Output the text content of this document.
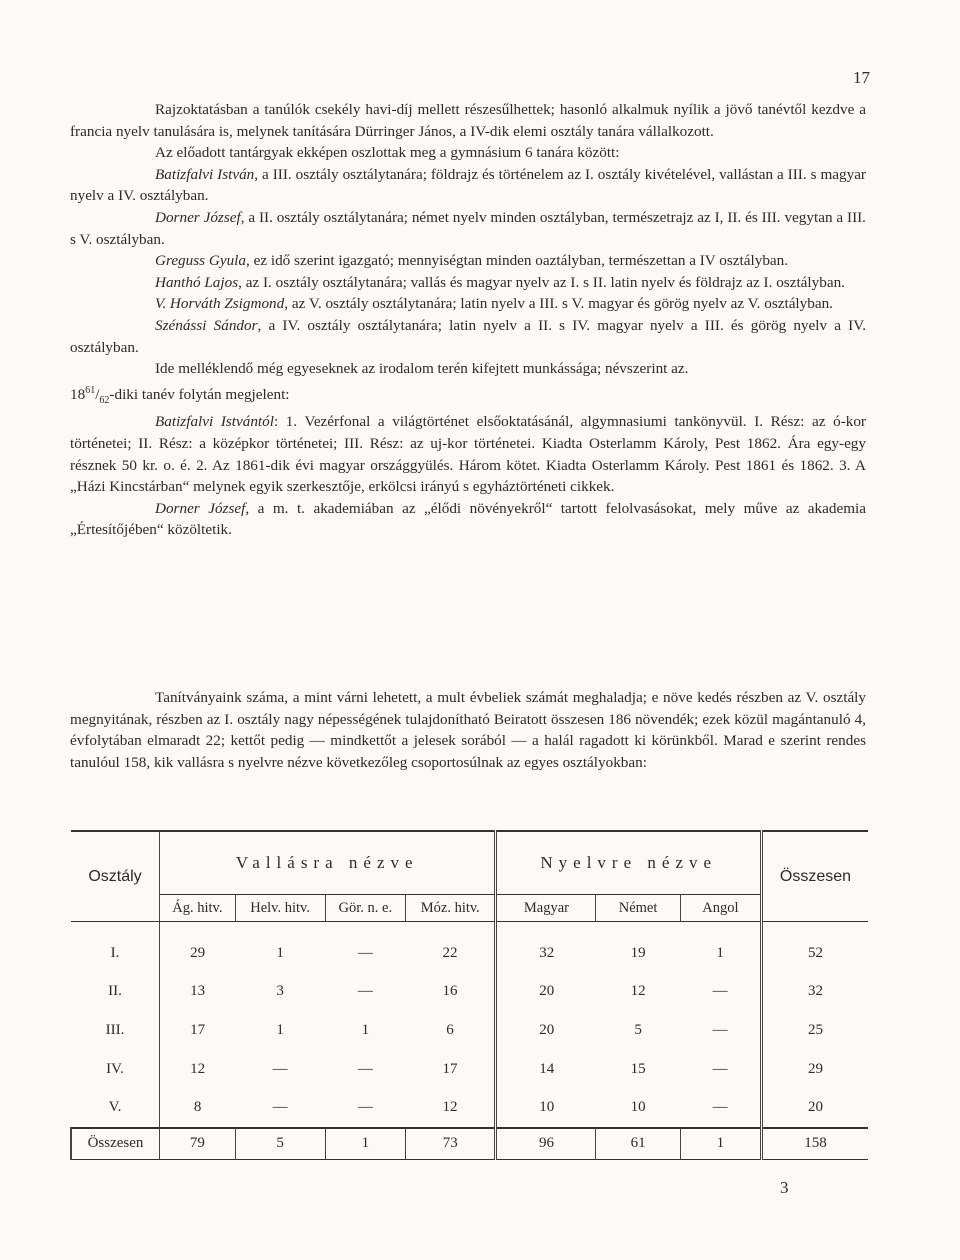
17

Rajzoktatásban a tanúlók csekély havi-díj mellett részesűlhettek; hasonló alkalmuk nyílik a jövő tanévtől kezdve a francia nyelv tanulására is, melynek tanítására Dürringer János, a IV-dik elemi osztály tanára vállalkozott.

Az előadott tantárgyak ekképen oszlottak meg a gymnásium 6 tanára között:

Batizfalvi István, a III. osztály osztálytanára; földrajz és történelem az I. osztály kivételével, vallástan a III. s magyar nyelv a IV. osztályban.

Dorner József, a II. osztály osztálytanára; német nyelv minden osztályban, természetrajz az I, II. és III. vegytan a III. s V. osztályban.

Greguss Gyula, ez idő szerint igazgató; mennyiségtan minden oaztályban, természettan a IV osztályban.

Hanthó Lajos, az I. osztály osztálytanára; vallás és magyar nyelv az I. s II. latin nyelv és földrajz az I. osztályban.

V. Horváth Zsigmond, az V. osztály osztálytanára; latin nyelv a III. s V. magyar és görög nyelv az V. osztályban.

Szénássi Sándor, a IV. osztály osztálytanára; latin nyelv a II. s IV. magyar nyelv a III. és görög nyelv a IV. osztályban.

Ide melléklendő még egyeseknek az irodalom terén kifejtett munkássága; névszerint az.

$18^{61}/_{62}$-diki tanév folytán megjelent:

Batizfalvi Istvántól: 1. Vezérfonal a világtörténet elsőoktatásánál, algymnasiumi tankönyvül. I. Rész: az ó-kor történetei; II. Rész: a középkor történetei; III. Rész: az uj-kor történetei. Kiadta Osterlamm Károly, Pest 1862. Ára egy-egy résznek 50 kr. o. é. 2. Az 1861-dik évi magyar országgyülés. Három kötet. Kiadta Osterlamm Károly. Pest 1861 és 1862. 3. A „Házi Kincstárban“ melynek egyik szerkesztője, erkölcsi irányú s egyháztörténeti cikkek.

Dorner József, a m. t. akademiában az „élődi növényekről“ tartott felolvasásokat, mely műve az akademia „Értesítőjében“ közöltetik.

Tanítványaink száma, a mint várni lehetett, a mult évbeliek számát meghaladja; e növe kedés részben az V. osztály megnyitának, részben az I. osztály nagy népességének tulajdonítható Beiratott összesen 186 növendék; ezek közül magántanuló 4, évfolytában elmaradt 22; kettőt pedig — mindkettőt a jelesek sorából — a halál ragadott ki körünkből. Marad e szerint rendes tanulóul 158, kik vallásra s nyelvre nézve következőleg csoportosúlnak az egyes osztályokban:

Osztály	Vallásra nézve				Nyelvre nézve			Összesen
	Ág. hitv.	Helv. hitv.	Gör. n. e.	Móz. hitv.	Magyar	Német	Angol	
I.	29	1	—	22	32	19	1	52
II.	13	3	—	16	20	12	—	32
III.	17	1	1	6	20	5	—	25
IV.	12	—	—	17	14	15	—	29
V.	8	—	—	12	10	10	—	20
Összesen	79	5	1	73	96	61	1	158
3
